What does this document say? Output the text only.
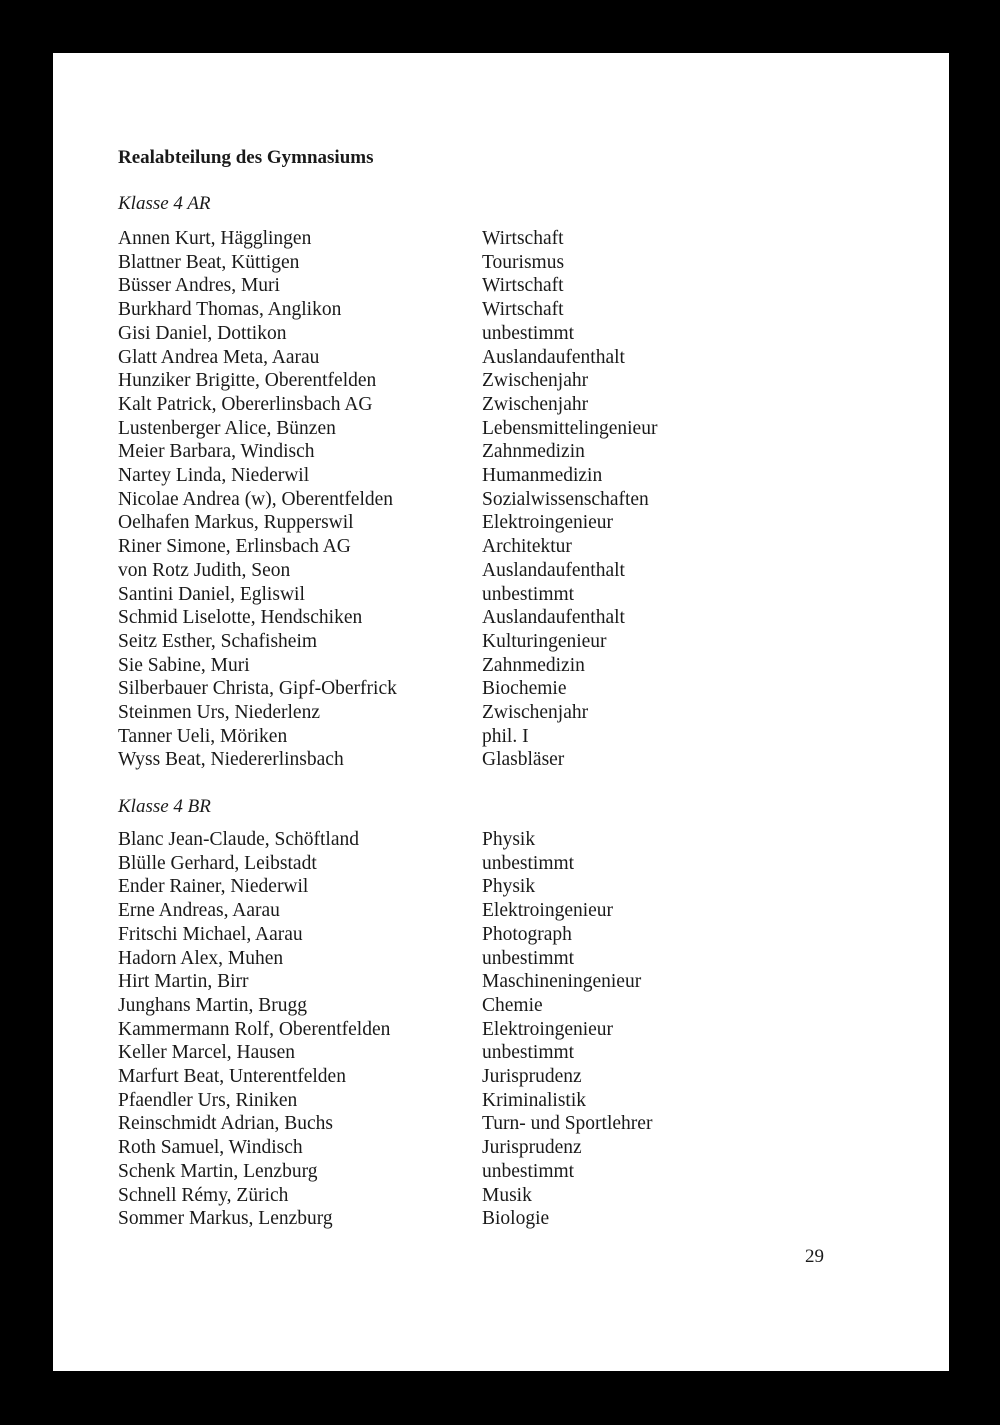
Realabteilung des Gymnasiums

Klasse 4 AR

Annen Kurt, Hägglingen	Wirtschaft
Blattner Beat, Küttigen	Tourismus
Büsser Andres, Muri	Wirtschaft
Burkhard Thomas, Anglikon	Wirtschaft
Gisi Daniel, Dottikon	unbestimmt
Glatt Andrea Meta, Aarau	Auslandaufenthalt
Hunziker Brigitte, Oberentfelden	Zwischenjahr
Kalt Patrick, Obererlinsbach AG	Zwischenjahr
Lustenberger Alice, Bünzen	Lebensmittelingenieur
Meier Barbara, Windisch	Zahnmedizin
Nartey Linda, Niederwil	Humanmedizin
Nicolae Andrea (w), Oberentfelden	Sozialwissenschaften
Oelhafen Markus, Rupperswil	Elektroingenieur
Riner Simone, Erlinsbach AG	Architektur
von Rotz Judith, Seon	Auslandaufenthalt
Santini Daniel, Egliswil	unbestimmt
Schmid Liselotte, Hendschiken	Auslandaufenthalt
Seitz Esther, Schafisheim	Kulturingenieur
Sie Sabine, Muri	Zahnmedizin
Silberbauer Christa, Gipf-Oberfrick	Biochemie
Steinmen Urs, Niederlenz	Zwischenjahr
Tanner Ueli, Möriken	phil. I
Wyss Beat, Niedererlinsbach	Glasbläser

Klasse 4 BR

Blanc Jean-Claude, Schöftland	Physik
Blülle Gerhard, Leibstadt	unbestimmt
Ender Rainer, Niederwil	Physik
Erne Andreas, Aarau	Elektroingenieur
Fritschi Michael, Aarau	Photograph
Hadorn Alex, Muhen	unbestimmt
Hirt Martin, Birr	Maschineningenieur
Junghans Martin, Brugg	Chemie
Kammermann Rolf, Oberentfelden	Elektroingenieur
Keller Marcel, Hausen	unbestimmt
Marfurt Beat, Unterentfelden	Jurisprudenz
Pfaendler Urs, Riniken	Kriminalistik
Reinschmidt Adrian, Buchs	Turn- und Sportlehrer
Roth Samuel, Windisch	Jurisprudenz
Schenk Martin, Lenzburg	unbestimmt
Schnell Rémy, Zürich	Musik
Sommer Markus, Lenzburg	Biologie

29
